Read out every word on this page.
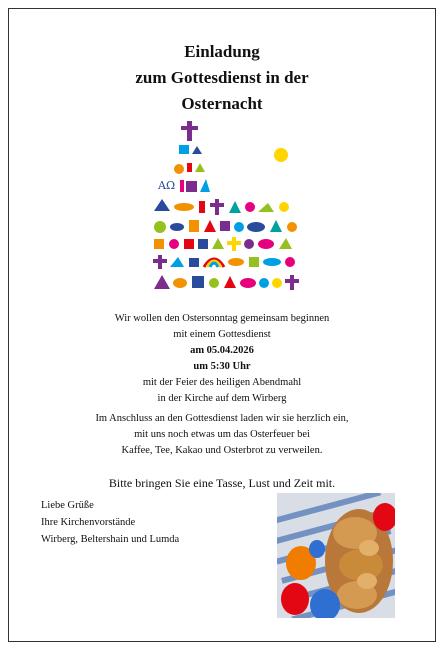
Einladung
zum Gottesdienst in der
Osternacht
AΩ
Wir wollen den Ostersonntag gemeinsam beginnen
mit einem Gottesdienst
am 05.04.2026
um 5:30 Uhr
mit der Feier des heiligen Abendmahl
in der Kirche auf dem Wirberg
Im Anschluss an den Gottesdienst laden wir sie herzlich ein,
mit uns noch etwas um das Osterfeuer bei
Kaffee, Tee, Kakao und Osterbrot zu verweilen.
Bitte bringen Sie eine Tasse, Lust und Zeit mit.
Liebe Grüße
Ihre Kirchenvorstände
Wirberg, Beltershain und Lumda
